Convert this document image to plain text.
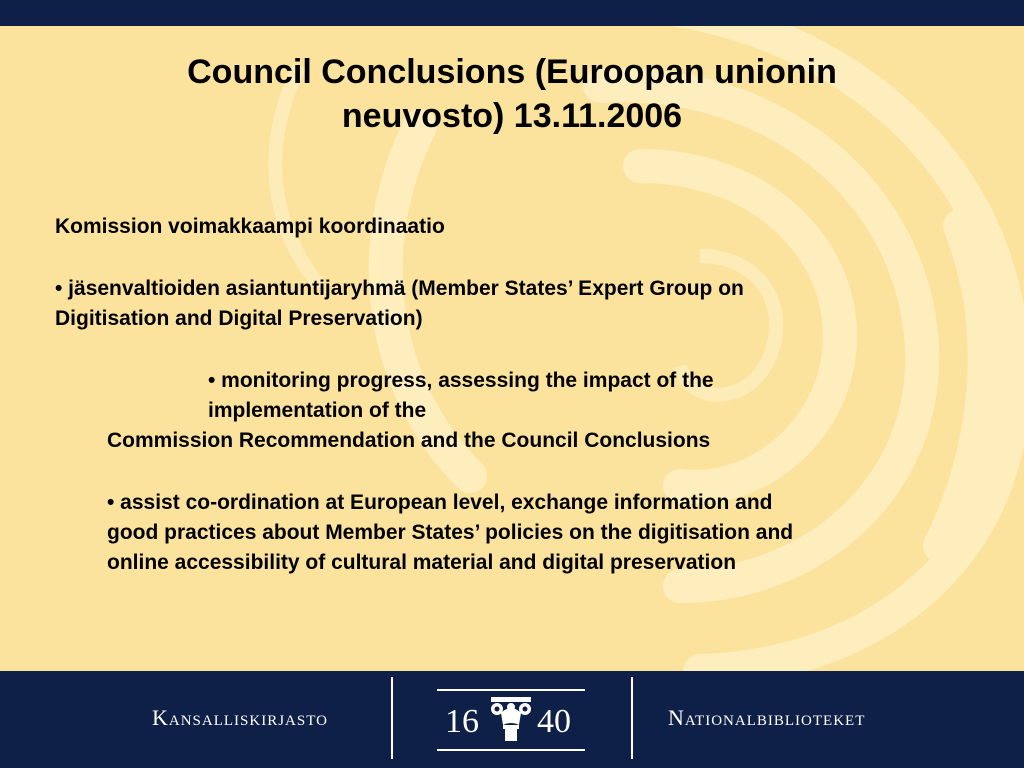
Council Conclusions (Euroopan unionin
neuvosto) 13.11.2006

Komission voimakkaampi koordinaatio

• jäsenvaltioiden asiantuntijaryhmä (Member States’ Expert Group on
Digitisation and Digital Preservation)

• monitoring progress, assessing the impact of the
implementation of the

Commission Recommendation and the Council Conclusions

• assist co-ordination at European level, exchange information and
good practices about Member States’ policies on the digitisation and
online accessibility of cultural material and digital preservation

Kansalliskirjasto	16 40	Nationalbiblioteket
